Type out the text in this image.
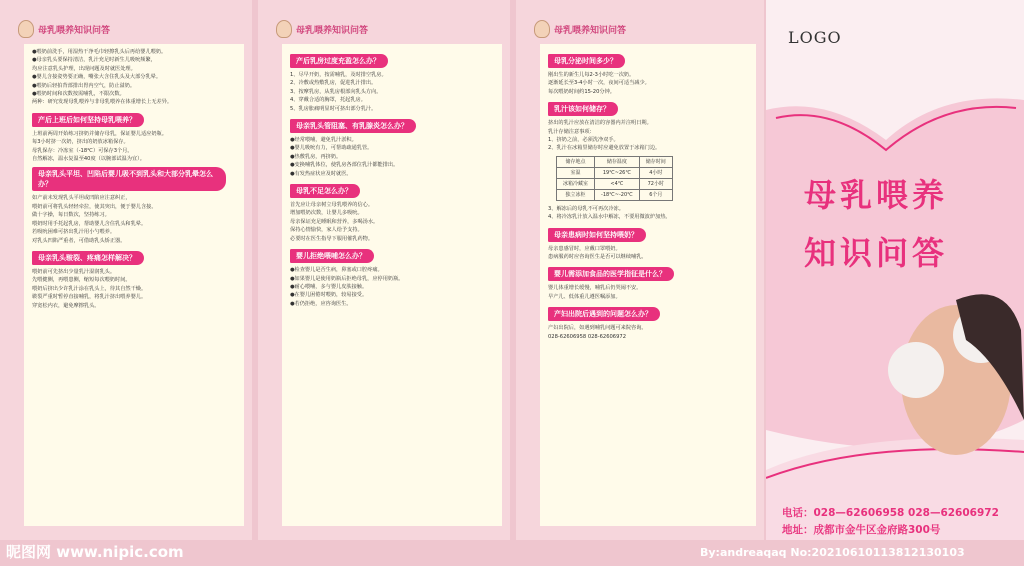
母乳喂养知识问答

●喂奶前洗手，用湿热干净毛巾轻擦乳头后再给婴儿喂奶。

●母亲乳头要保持清洁，乳汁充足时新生儿吸吮频繁，

均应注意乳头护理，出现问题及时就医处理。

●婴儿含接姿势要正确，嘴张大含住乳头及大部分乳晕。

●喂奶后轻拍背部排出胃内空气，防止溢奶。

●喂奶时间和次数按需哺乳，不限次数。

两种：研究发现母乳喂养与非母乳喂养在体重增长上无差异。

产后上班后如何坚持母乳喂养？

上班前两周开始练习挤奶并储存母乳，保证婴儿适应奶瓶。

每3小时挤一次奶，挤出的奶放冰箱保存。

母乳保存：冷冻室（-18℃）可保存3个月。

自然解冻，温水复温至40度（以腕部试温为宜）。

母亲乳头平坦、凹陷后婴儿吸不到乳头和大部分乳晕怎么办？

如产前未发现乳头平坦或凹陷应注意纠正，

喂奶前可将乳头轻轻牵拉，使其突出，便于婴儿含接。

做十字操，每日数次，坚持练习。

喂奶时用手托起乳房，帮助婴儿含住乳头和乳晕。

若吸吮困难可挤出乳汁用小勺喂养。

对乳头凹陷严重者，可借助乳头矫正器。

母亲乳头皲裂、疼痛怎样解决？

喂奶前可先挤出少量乳汁湿润乳头。

先喂健侧，再喂患侧，缩短每次喂奶时间。

喂奶后挤出少许乳汁涂在乳头上，待其自然干燥。

皲裂严重时暂停直接哺乳，将乳汁挤出喂养婴儿。

穿宽松内衣，避免摩擦乳头。

母乳喂养知识问答
产后乳房过度充盈怎么办？

1、尽早开奶，按需哺乳，及时排空乳房。

2、冷敷或热敷乳房，促进乳汁排出。

3、按摩乳房，从乳房根部向乳头方向。

4、穿戴合适的胸罩，托起乳房。

5、乳房胀痛明显时可挤出部分乳汁。

母亲乳头管阻塞、有乳腺炎怎么办？

●经常喂哺，避免乳汁淤积。

●婴儿吸吮有力，可帮助疏通乳管。

●热敷乳房，再挤奶。

●变换哺乳体位，使乳房各部位乳汁都能排出。

●有发热症状应及时就医。

母乳不足怎么办？

首先应让母亲树立母乳喂养的信心。

增加喂奶次数，让婴儿多吸吮。

母亲保证充足睡眠和营养，多喝汤水。

保持心情愉快，家人给予支持。

必要时在医生指导下服用催乳药物。

婴儿拒绝喂哺怎么办？

●检查婴儿是否生病，鼻塞或口腔疼痛。

●如果婴儿是使用奶瓶后拒绝母乳，应停用奶瓶。

●耐心喂哺，多与婴儿皮肤接触。

●在婴儿困倦时喂奶，较易接受。

●若仍拒绝，应咨询医生。

母乳喂养知识问答
母乳分泌时间多少？

刚出生的新生儿每2-3小时吃一次奶。

逐渐延长至3-4小时一次，夜间可适当减少。

每次喂奶时间约15-20分钟。

乳汁该如何储存？

挤出的乳汁应放在清洁的容器内并注明日期。

乳汁存储注意事项：

1、挤奶之前，必须洗净双手。

2、乳汁在冰箱里储存时应避免放置于冰箱门边。

储存地点	储存温度	储存时间
室温	19℃~26℃	4小时
冰箱冷藏室	<4℃	72小时
独立冰柜	-18℃~-20℃	6个月

3、解冻后的母乳不可再次冷冻。

4、将冷冻乳汁放入温水中解冻，不要用微波炉加热。

母亲患病时如何坚持喂奶？

母亲患感冒时，应戴口罩喂奶。

患病服药时应咨询医生是否可以继续哺乳。

婴儿需添加食品的医学指征是什么？

婴儿体重增长缓慢，哺乳后仍哭闹不安。

早产儿、低体重儿遵医嘱添加。

产妇出院后遇到的问题怎么办？

产妇出院后，如遇到哺乳问题可来院咨询。

028-62606958 028-62606972

LOGO
母乳喂养
知识问答
电话：028—62606958 028—62606972
地址：成都市金牛区金府路300号
昵图网 www.nipic.com	By:andreaqaq No:20210610113812130103
